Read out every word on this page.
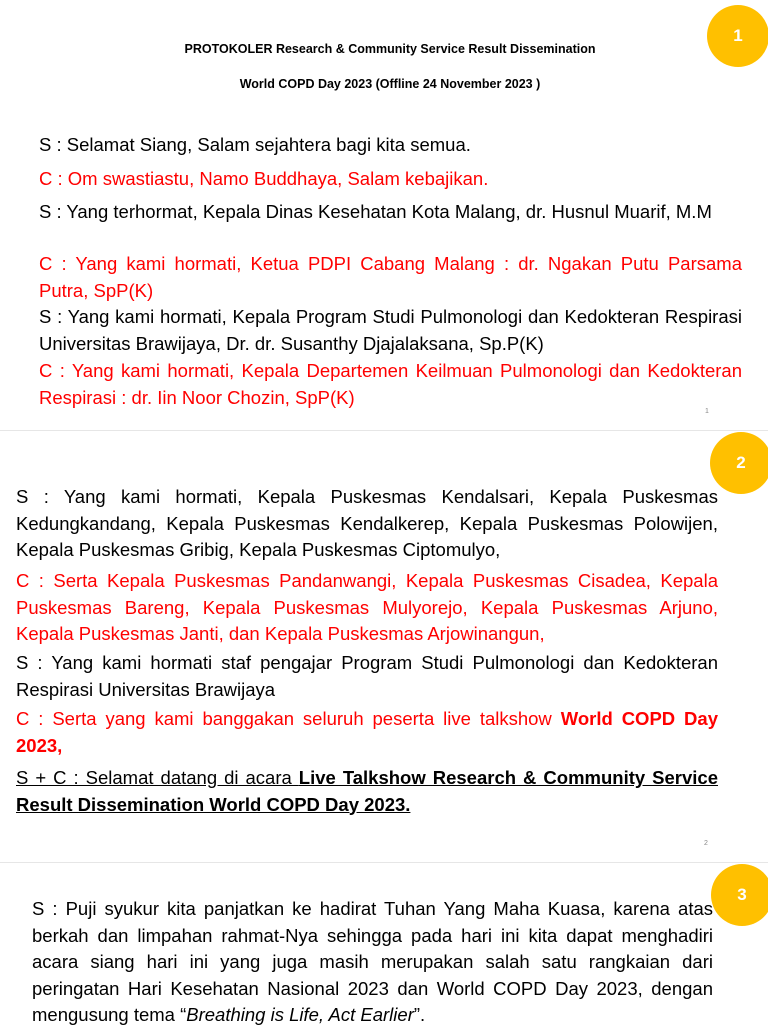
1
PROTOKOLER Research & Community Service Result Dissemination
World COPD Day 2023 (Offline 24 November 2023 )

S : Selamat Siang, Salam sejahtera bagi kita semua.

C : Om swastiastu, Namo Buddhaya, Salam kebajikan.

S : Yang terhormat, Kepala Dinas Kesehatan Kota Malang, dr. Husnul Muarif, M.M

C : Yang kami hormati, Ketua PDPI Cabang Malang : dr. Ngakan Putu Parsama Putra, SpP(K)

S : Yang kami hormati, Kepala Program Studi Pulmonologi dan Kedokteran Respirasi Universitas Brawijaya, Dr. dr. Susanthy Djajalaksana, Sp.P(K)

C : Yang kami hormati, Kepala Departemen Keilmuan Pulmonologi dan Kedokteran Respirasi : dr. Iin Noor Chozin, SpP(K)

1
2

S : Yang kami hormati, Kepala Puskesmas Kendalsari, Kepala Puskesmas Kedungkandang, Kepala Puskesmas Kendalkerep, Kepala Puskesmas Polowijen, Kepala Puskesmas Gribig, Kepala Puskesmas Ciptomulyo,

C : Serta Kepala Puskesmas Pandanwangi, Kepala Puskesmas Cisadea, Kepala Puskesmas Bareng, Kepala Puskesmas Mulyorejo, Kepala Puskesmas Arjuno, Kepala Puskesmas Janti, dan Kepala Puskesmas Arjowinangun,

S : Yang kami hormati staf pengajar Program Studi Pulmonologi dan Kedokteran Respirasi Universitas Brawijaya

C : Serta yang kami banggakan seluruh peserta live talkshow World COPD Day 2023,

S + C : Selamat datang di acara Live Talkshow Research & Community Service Result Dissemination World COPD Day 2023.

2
3

S : Puji syukur kita panjatkan ke hadirat Tuhan Yang Maha Kuasa, karena atas berkah dan limpahan rahmat-Nya sehingga pada hari ini kita dapat menghadiri acara siang hari ini yang juga masih merupakan salah satu rangkaian dari peringatan Hari Kesehatan Nasional 2023 dan World COPD Day 2023, dengan mengusung tema “Breathing is Life, Act Earlier”.
